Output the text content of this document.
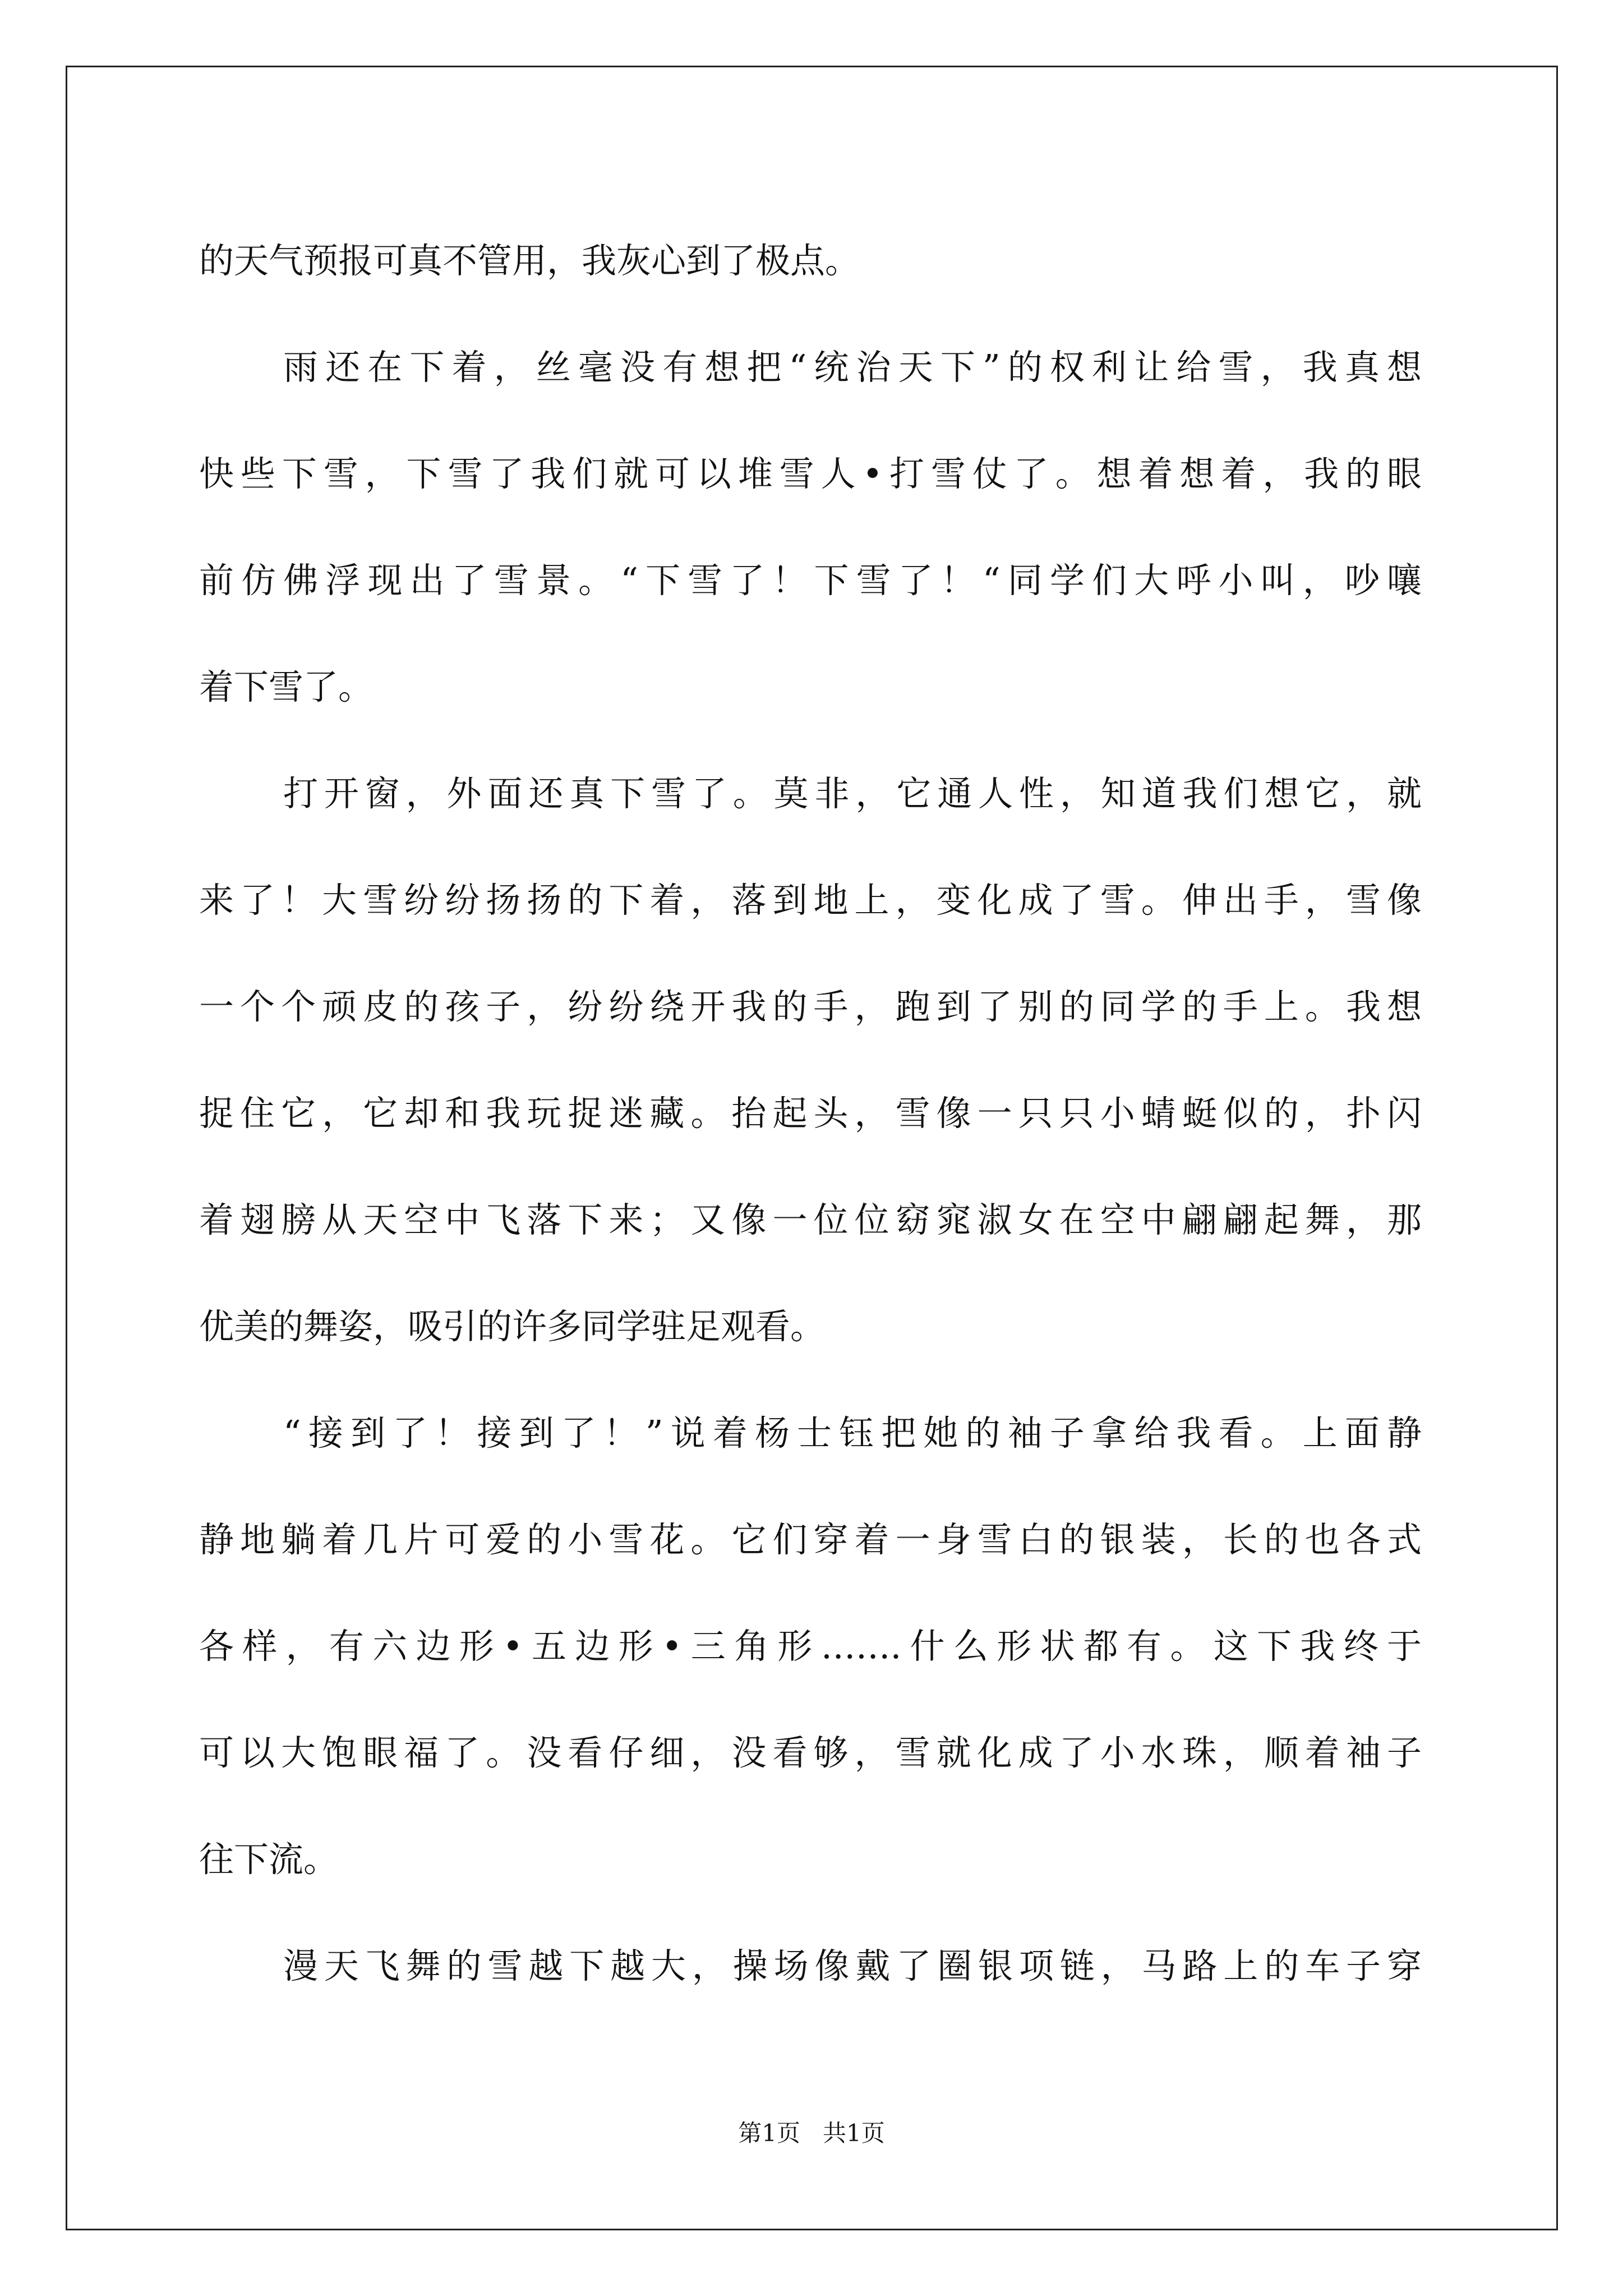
的天气预报可真不管用，我灰心到了极点。
雨还在下着，丝毫没有想把“统治天下”的权利让给雪，我真想
快些下雪，下雪了我们就可以堆雪人•打雪仗了。想着想着，我的眼
前仿佛浮现出了雪景。“下雪了！下雪了！“同学们大呼小叫，吵嚷
着下雪了。
打开窗，外面还真下雪了。莫非，它通人性，知道我们想它，就
来了！大雪纷纷扬扬的下着，落到地上，变化成了雪。伸出手，雪像
一个个顽皮的孩子，纷纷绕开我的手，跑到了别的同学的手上。我想
捉住它，它却和我玩捉迷藏。抬起头，雪像一只只小蜻蜓似的，扑闪
着翅膀从天空中飞落下来；又像一位位窈窕淑女在空中翩翩起舞，那
优美的舞姿，吸引的许多同学驻足观看。
“接到了！接到了！”说着杨士钰把她的袖子拿给我看。上面静
静地躺着几片可爱的小雪花。它们穿着一身雪白的银装，长的也各式
各样，有六边形•五边形•三角形…….什么形状都有。这下我终于
可以大饱眼福了。没看仔细，没看够，雪就化成了小水珠，顺着袖子
往下流。
漫天飞舞的雪越下越大，操场像戴了圈银项链，马路上的车子穿
第1页 共1页
